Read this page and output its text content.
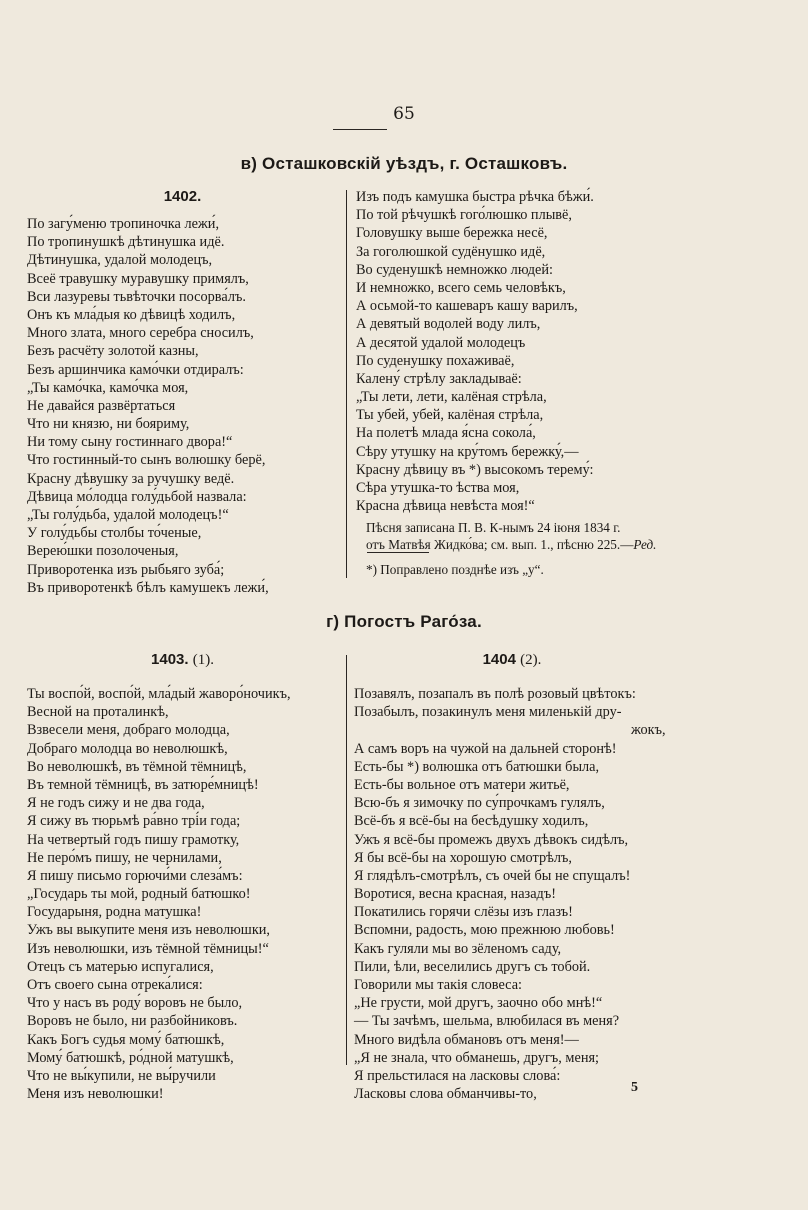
65
в) Осташковскій уѣздъ, г. Осташковъ.
1402.
По загу́меню тропиночка лежи́,
По тропинушкѣ дѣтинушка идё.
Дѣтинушка, удалой молодецъ,
Всеё травушку муравушку примялъ,
Вси лазуревы тьвѣточки посорва́лъ.
Онъ къ мла́дыя ко дѣвицѣ ходилъ,
Много злата, много серебра сносилъ,
Безъ расчёту золотой казны,
Безъ аршинчика камо́чки отдиралъ:
„Ты камо́чка, камо́чка моя,
Не давайся развёртаться
Что ни князю, ни бояриму,
Ни тому сыну гостиннаго двора!“
Что гостинный-то сынъ волюшку берё,
Красну дѣвушку за ручушку ведё.
Дѣвица мо́лодца голу́дьбой назвала:
„Ты голу́дьба, удалой молодецъ!“
У голу́дьбы столбы то́ченые,
Верею́шки позолоченыя,
Приворотенка изъ рыбьяго зуба́;
Въ приворотенкѣ бѣлъ камушекъ лежи́,
Изъ подъ камушка быстра рѣчка бѣжи́.
По той рѣчушкѣ гого́люшко плывё,
Головушку выше бережка несё,
За гоголюшкой судёнушко идё,
Во суденушкѣ немножко людей:
И немножко, всего семь человѣкъ,
А осьмой-то кашеваръ кашу варилъ,
А девятый водолей воду лилъ,
А десятой удалой молодецъ
По суденушку похаживаё,
Калену́ стрѣлу закладываё:
„Ты лети, лети, калёная стрѣла,
Ты убей, убей, калёная стрѣла,
На полетѣ млада я́сна сокола́,
Сѣру утушку на кру́томъ бережку́,—
Красну дѣвицу въ *) высокомъ терему́:
Сѣра утушка-то ѣства моя,
Красна дѣвица невѣста моя!“
Пѣсня записана П. В. К-нымъ 24 іюня 1834 г.
отъ Матвѣя Жидко́ва; см. вып. 1., пѣсню 225.—Ред.
*) Поправлено позднѣе изъ „у“.
г) Погостъ Раго́за.
1403. (1).	1404 (2).
Ты воспо́й, воспо́й, мла́дый жаворо́ночикъ,
Весной на проталинкѣ,
Взвесели меня, добраго молодца,
Добраго молодца во неволюшкѣ,
Во неволюшкѣ, въ тёмной тёмницѣ,
Въ темной тёмницѣ, въ затюре́мницѣ!
Я не годъ сижу и не два года,
Я сижу въ тюрьмѣ ра́вно трі́и года;
На четвертый годъ пишу грамотку,
Не перо́мъ пишу, не чернилами,
Я пишу письмо горючи́ми слеза́мъ:
„Государь ты мой, родный батюшко!
Государыня, родна матушка!
Ужъ вы выкупите меня изъ неволюшки,
Изъ неволюшки, изъ тёмной тёмницы!“
Отецъ съ матерью испугалися,
Отъ своего сына отрека́лися:
Что у насъ въ роду́ воровъ не было,
Воровъ не было, ни разбойниковъ.
Какъ Богъ судья мому́ батюшкѣ,
Мому́ батюшкѣ, ро́дной матушкѣ,
Что не вы́купили, не вы́ручили
Меня изъ неволюшки!
Позавялъ, позапалъ въ полѣ розовый цвѣтокъ:
Позабылъ, позакинулъ меня миленькій дру-
жокъ,
А самъ воръ на чужой на дальней сторонѣ!
Есть-бы *) волюшка отъ батюшки была,
Есть-бы вольное отъ матери житьё,
Всю-бъ я зимочку по су́прочкамъ гулялъ,
Всё-бъ я всё-бы на бесѣдушку ходилъ,
Ужъ я всё-бы промежъ двухъ дѣвокъ сидѣлъ,
Я бы всё-бы на хорошую смотрѣлъ,
Я глядѣлъ-смотрѣлъ, съ очей бы не спущалъ!
Воротися, весна красная, назадъ!
Покатились горячи слёзы изъ глазъ!
Вспомни, радость, мою прежнюю любовь!
Какъ гуляли мы во зёленомъ саду,
Пили, ѣли, веселились другъ съ тобой.
Говорили мы такія словеса:
„Не грусти, мой другъ, заочно обо мнѣ!“
— Ты зачѣмъ, шельма, влюбилася въ меня?
Много видѣла обмановъ отъ меня!—
„Я не знала, что обманешь, другъ, меня;
Я прельстилася на ласковы слова́:
Ласковы слова обманчивы-то,	5
